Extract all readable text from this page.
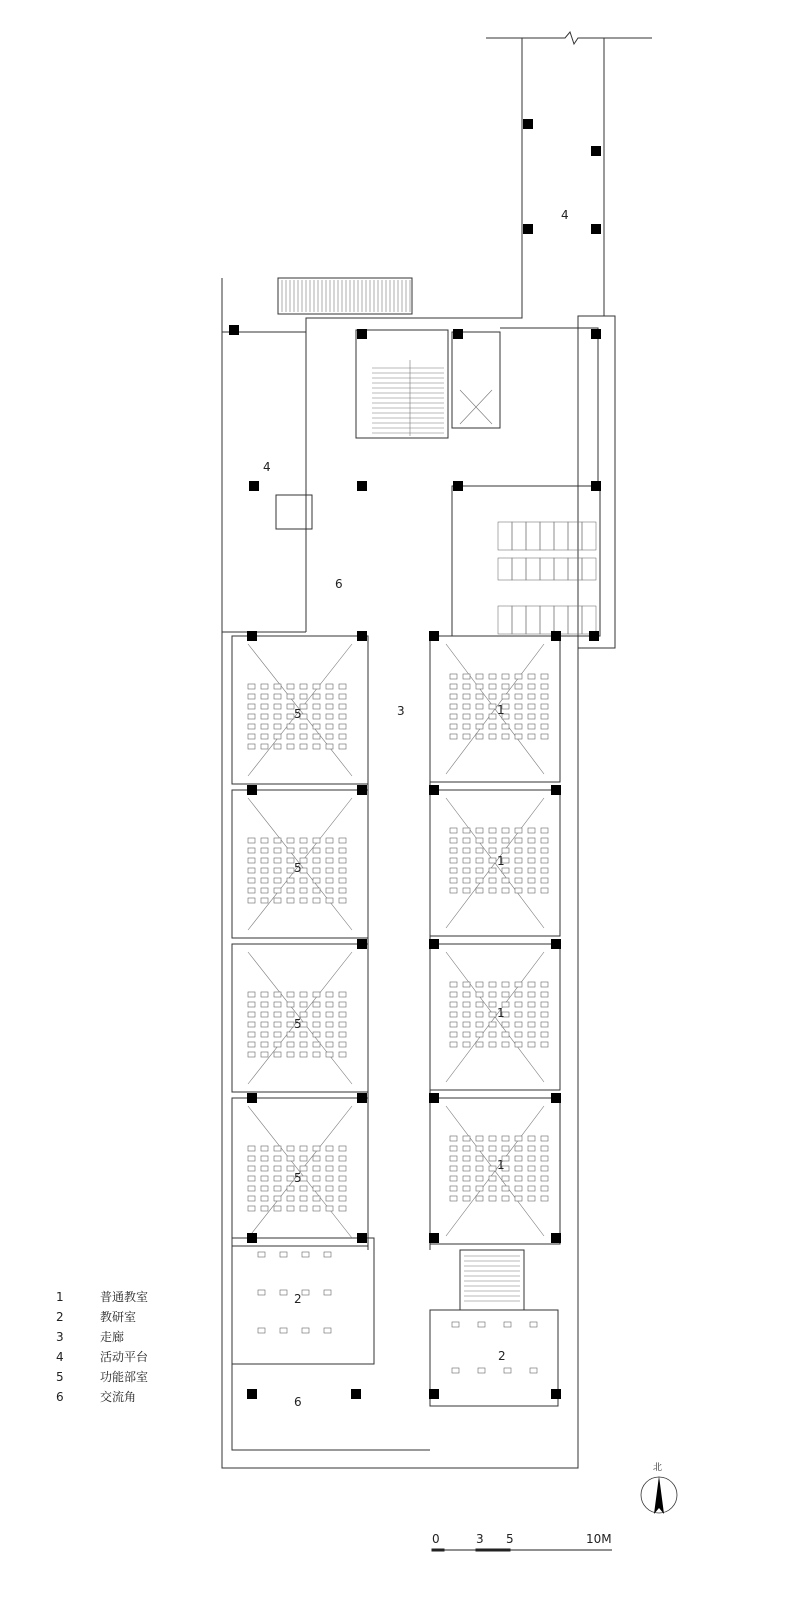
4
4
6
3
5
5
5
5
1
1
1
1
2
2
6
北
1	普通教室
2	教研室
3	走廊
4	活动平台
5	功能部室
6	交流角
0	3 5	10M
